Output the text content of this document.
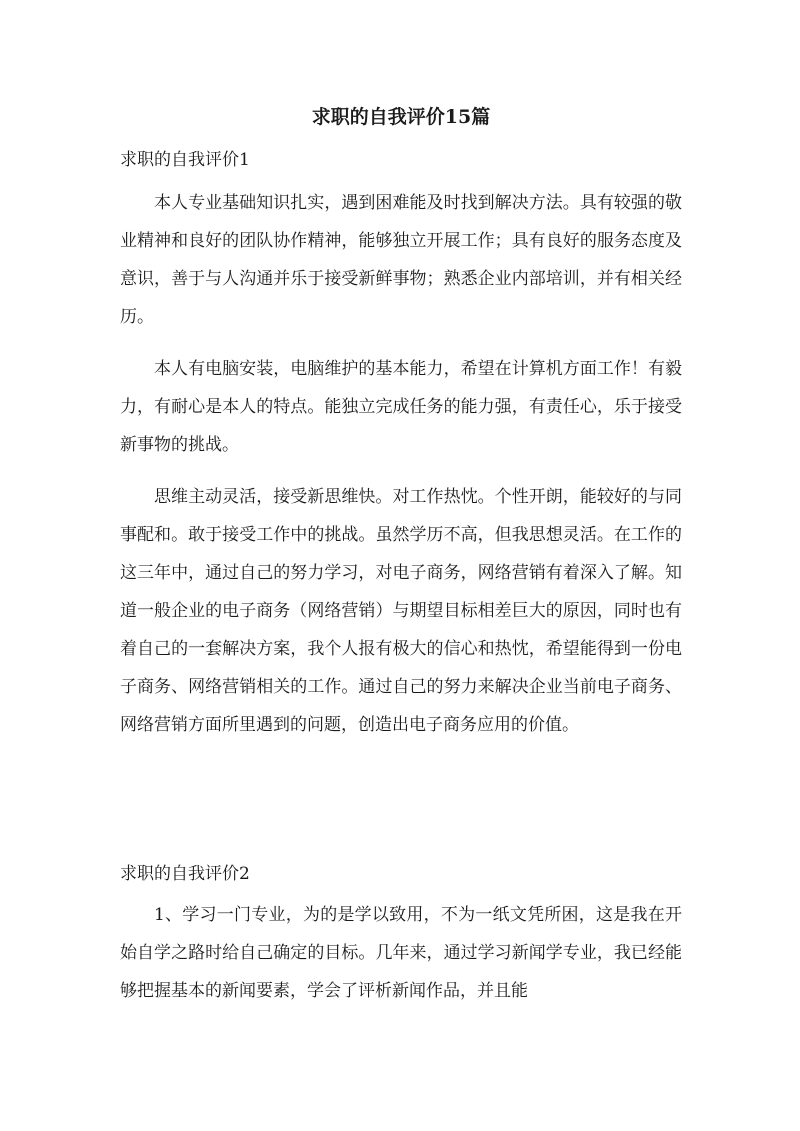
求职的自我评价15篇
求职的自我评价1

本人专业基础知识扎实，遇到困难能及时找到解决方法。具有较强的敬业精神和良好的团队协作精神，能够独立开展工作；具有良好的服务态度及意识，善于与人沟通并乐于接受新鲜事物；熟悉企业内部培训，并有相关经历。

本人有电脑安装，电脑维护的基本能力，希望在计算机方面工作！有毅力，有耐心是本人的特点。能独立完成任务的能力强，有责任心，乐于接受新事物的挑战。

思维主动灵活，接受新思维快。对工作热忱。个性开朗，能较好的与同事配和。敢于接受工作中的挑战。虽然学历不高，但我思想灵活。在工作的这三年中，通过自己的努力学习，对电子商务，网络营销有着深入了解。知道一般企业的电子商务（网络营销）与期望目标相差巨大的原因，同时也有着自己的一套解决方案，我个人报有极大的信心和热忱，希望能得到一份电子商务、网络营销相关的工作。通过自己的努力来解决企业当前电子商务、网络营销方面所里遇到的问题，创造出电子商务应用的价值。

求职的自我评价2

1、学习一门专业，为的是学以致用，不为一纸文凭所困，这是我在开始自学之路时给自己确定的目标。几年来，通过学习新闻学专业，我已经能够把握基本的新闻要素，学会了评析新闻作品，并且能
